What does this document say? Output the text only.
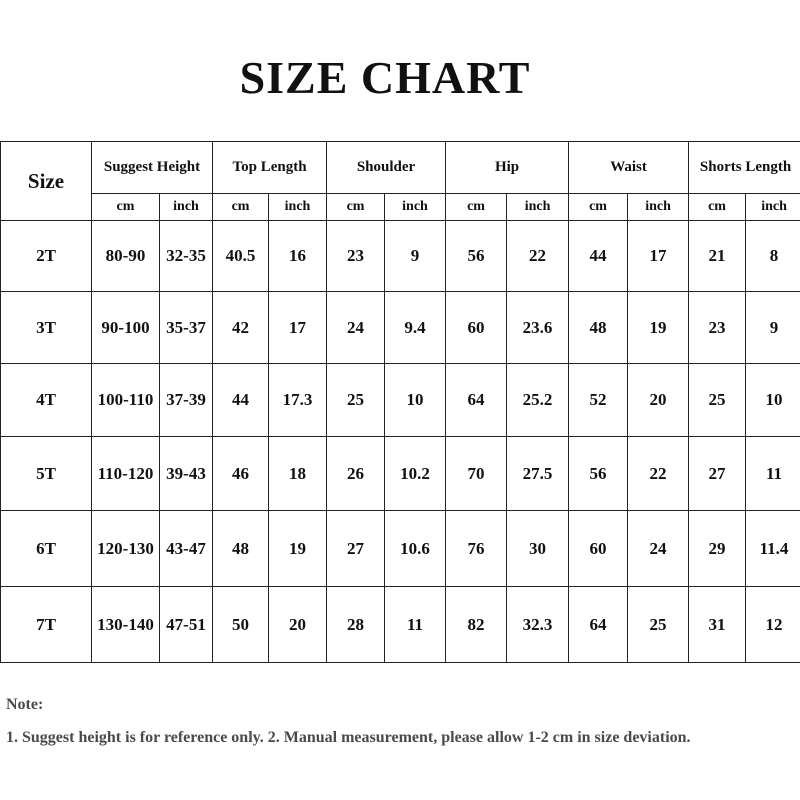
SIZE CHART
Size	Suggest Height		Top Length		Shoulder		Hip		Waist		Shorts Length	
	cm	inch	cm	inch	cm	inch	cm	inch	cm	inch	cm	inch
2T	80-90	32-35	40.5	16	23	9	56	22	44	17	21	8
3T	90-100	35-37	42	17	24	9.4	60	23.6	48	19	23	9
4T	100-110	37-39	44	17.3	25	10	64	25.2	52	20	25	10
5T	110-120	39-43	46	18	26	10.2	70	27.5	56	22	27	11
6T	120-130	43-47	48	19	27	10.6	76	30	60	24	29	11.4
7T	130-140	47-51	50	20	28	11	82	32.3	64	25	31	12
Note:
1. Suggest height is for reference only. 2. Manual measurement, please allow 1-2 cm in size deviation.
